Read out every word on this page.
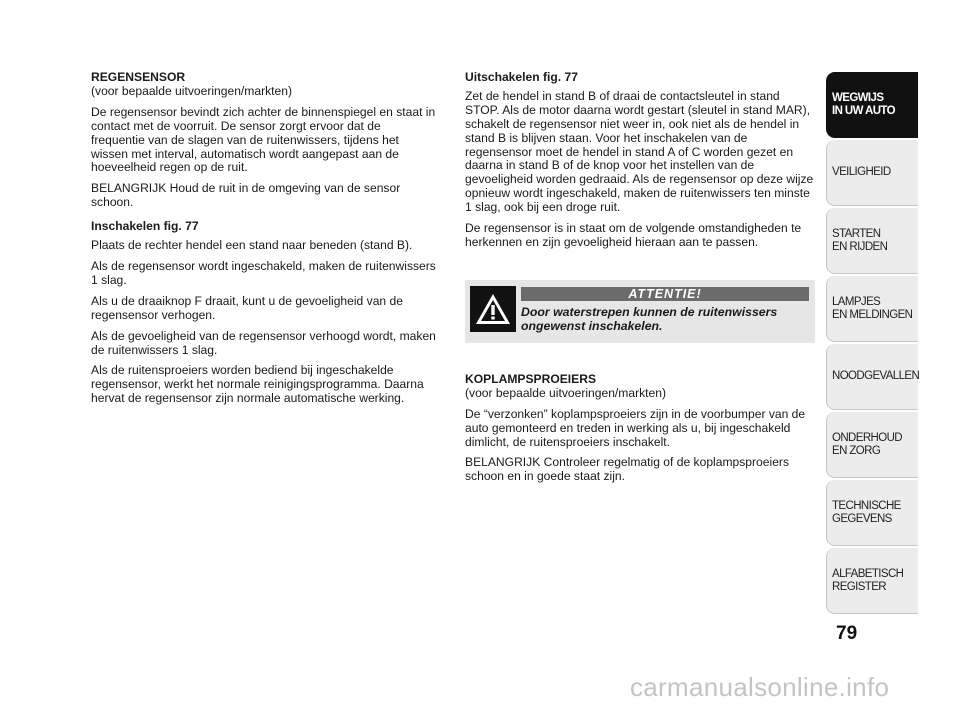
REGENSENSOR

(voor bepaalde uitvoeringen/markten)

De regensensor bevindt zich achter de binnenspiegel en staat in contact met de voorruit. De sensor zorgt ervoor dat de frequentie van de slagen van de ruitenwissers, tijdens het wissen met interval, automatisch wordt aangepast aan de hoeveelheid regen op de ruit.

BELANGRIJK Houd de ruit in de omgeving van de sensor schoon.

Inschakelen fig. 77

Plaats de rechter hendel een stand naar beneden (stand B).

Als de regensensor wordt ingeschakeld, maken de ruitenwissers 1 slag.

Als u de draaiknop F draait, kunt u de gevoeligheid van de regensensor verhogen.

Als de gevoeligheid van de regensensor verhoogd wordt, maken de ruitenwissers 1 slag.

Als de ruitensproeiers worden bediend bij ingeschakelde regensensor, werkt het normale reinigingsprogramma. Daarna hervat de regensensor zijn normale automatische werking.

Uitschakelen fig. 77

Zet de hendel in stand B of draai de contactsleutel in stand STOP. Als de motor daarna wordt gestart (sleutel in stand MAR), schakelt de regensensor niet weer in, ook niet als de hendel in stand B is blijven staan. Voor het inschakelen van de regensensor moet de hendel in stand A of C worden gezet en daarna in stand B of de knop voor het instellen van de gevoeligheid worden gedraaid. Als de regensensor op deze wijze opnieuw wordt ingeschakeld, maken de ruitenwissers ten minste 1 slag, ook bij een droge ruit.

De regensensor is in staat om de volgende omstandigheden te herkennen en zijn gevoeligheid hieraan aan te passen.

ATTENTIE!
Door waterstrepen kunnen de ruitenwissers ongewenst inschakelen.

KOPLAMPSPROEIERS

(voor bepaalde uitvoeringen/markten)

De “verzonken” koplampsproeiers zijn in de voorbumper van de auto gemonteerd en treden in werking als u, bij ingeschakeld dimlicht, de ruitensproeiers inschakelt.

BELANGRIJK Controleer regelmatig of de koplampsproeiers schoon en in goede staat zijn.

WEGWIJS
IN UW AUTO
VEILIGHEID
STARTEN
EN RIJDEN
LAMPJES
EN MELDINGEN
NOODGEVALLEN
ONDERHOUD
EN ZORG
TECHNISCHE
GEGEVENS
ALFABETISCH
REGISTER
79
carmanualsonline.info
